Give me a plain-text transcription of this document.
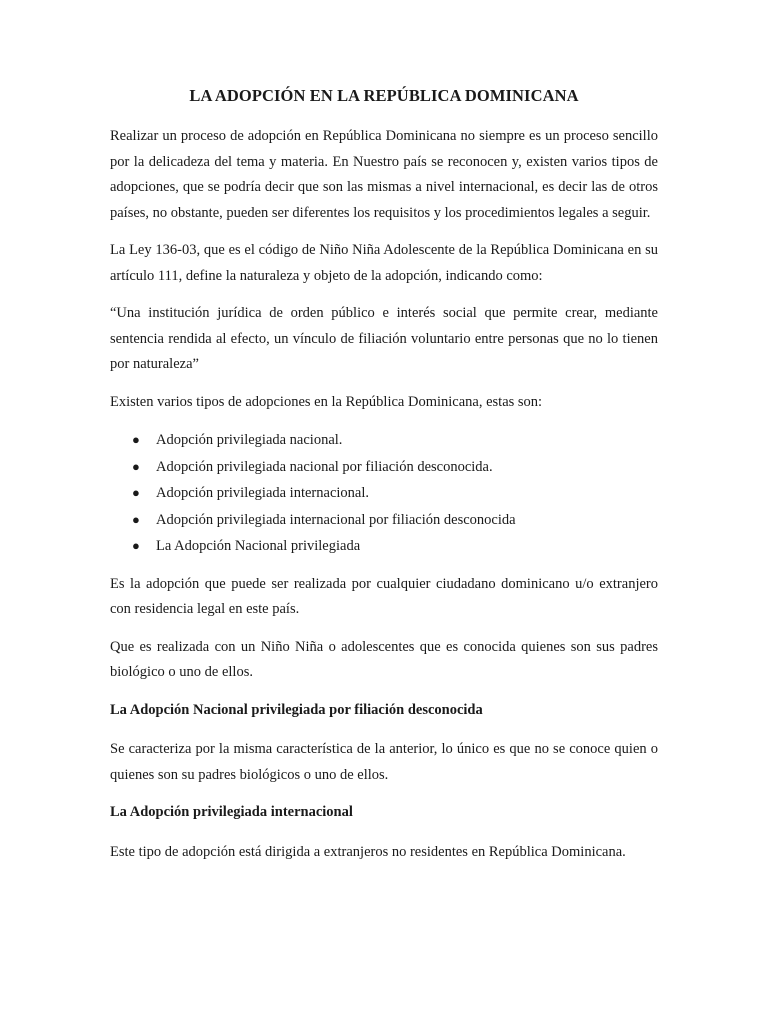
LA ADOPCIÓN EN LA REPÚBLICA DOMINICANA

Realizar un proceso de adopción en República Dominicana no siempre es un proceso sencillo por la delicadeza del tema y materia. En Nuestro país se reconocen y, existen varios tipos de adopciones, que se podría decir que son las mismas a nivel internacional, es decir las de otros países, no obstante, pueden ser diferentes los requisitos y los procedimientos legales a seguir.

La Ley 136-03, que es el código de Niño Niña Adolescente de la República Dominicana en su artículo 111, define la naturaleza y objeto de la adopción, indicando como:

“Una institución jurídica de orden público e interés social que permite crear, mediante sentencia rendida al efecto, un vínculo de filiación voluntario entre personas que no lo tienen por naturaleza”

Existen varios tipos de adopciones en la República Dominicana, estas son:

● Adopción privilegiada nacional.
● Adopción privilegiada nacional por filiación desconocida.
● Adopción privilegiada internacional.
● Adopción privilegiada internacional por filiación desconocida
● La Adopción Nacional privilegiada

Es la adopción que puede ser realizada por cualquier ciudadano dominicano u/o extranjero con residencia legal en este país.

Que es realizada con un Niño Niña o adolescentes que es conocida quienes son sus padres biológico o uno de ellos.

La Adopción Nacional privilegiada por filiación desconocida

Se caracteriza por la misma característica de la anterior, lo único es que no se conoce quien o quienes son su padres biológicos o uno de ellos.

La Adopción privilegiada internacional

Este tipo de adopción está dirigida a extranjeros no residentes en República Dominicana.
